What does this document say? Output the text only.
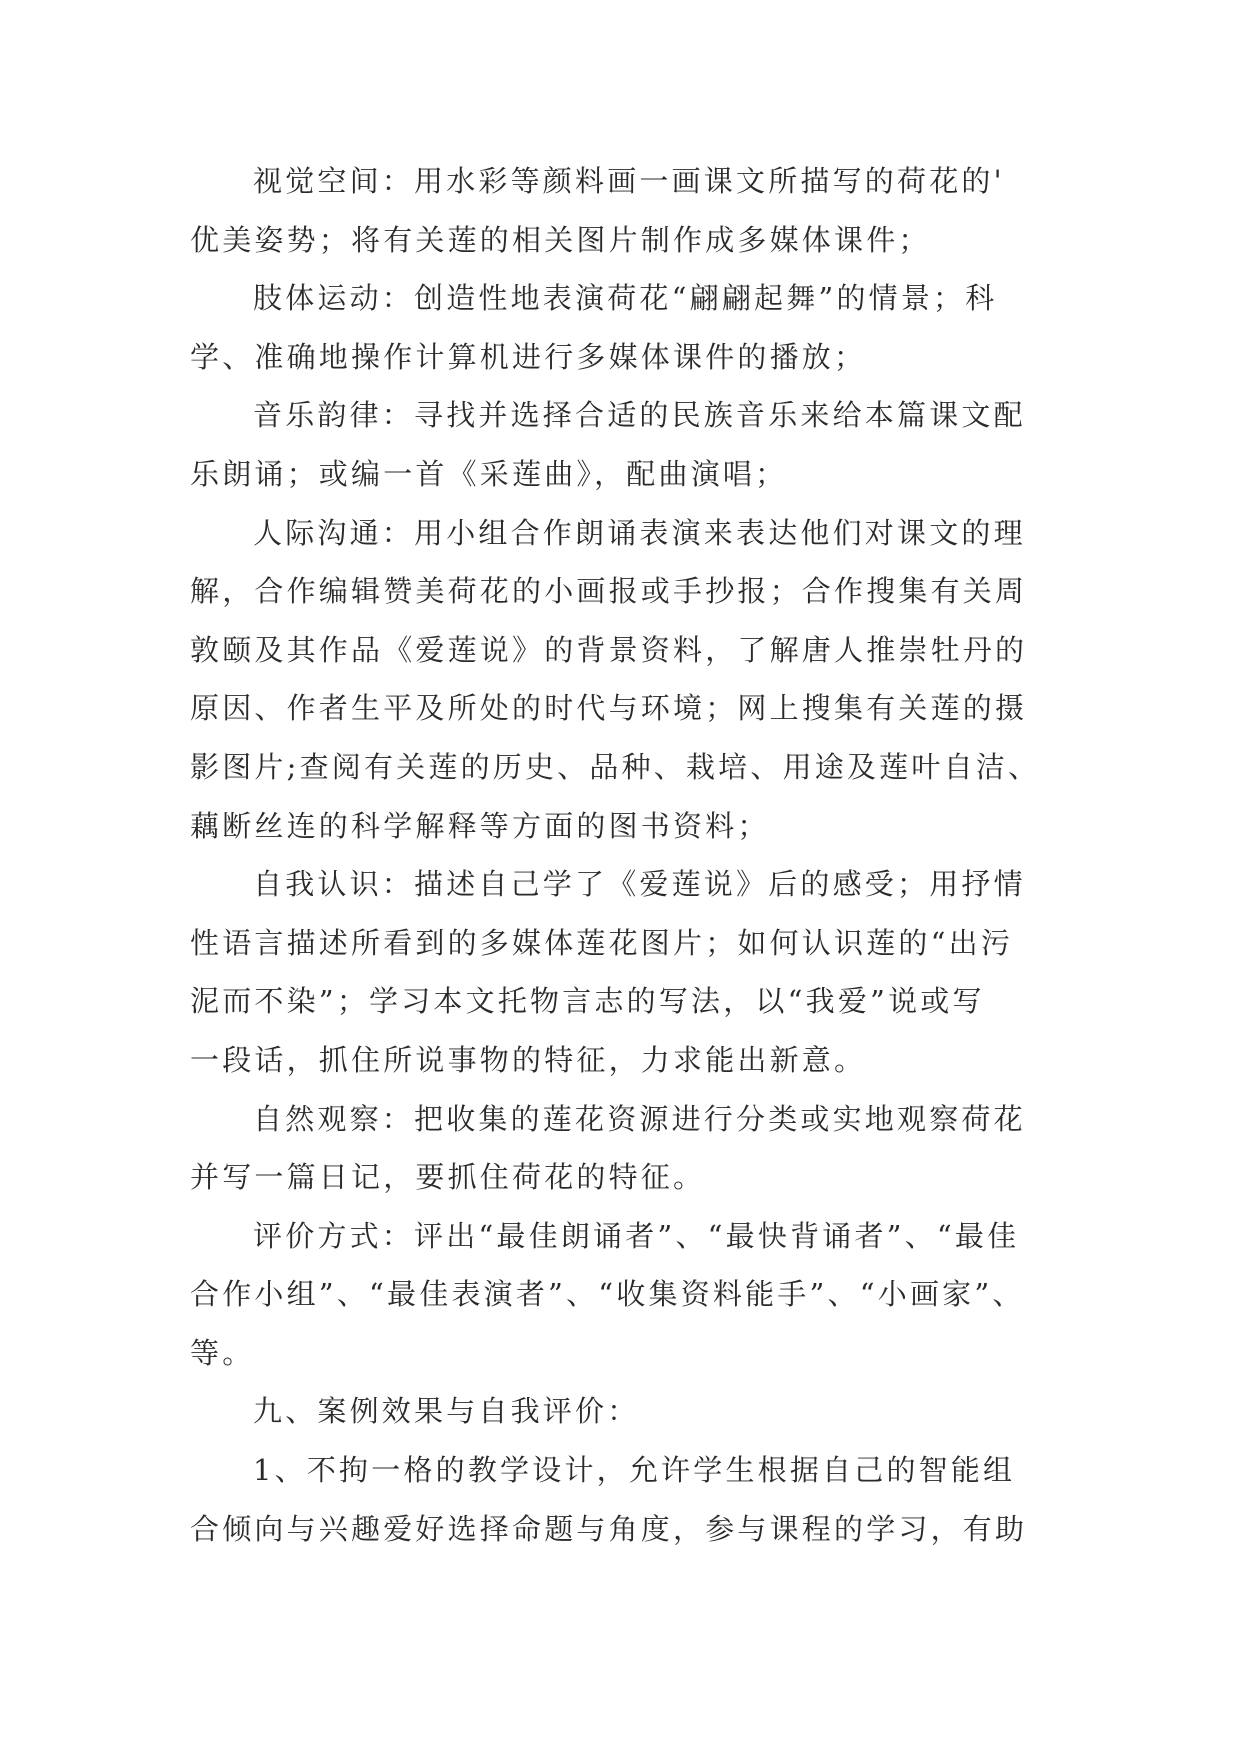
视觉空间：用水彩等颜料画一画课文所描写的荷花的'
优美姿势；将有关莲的相关图片制作成多媒体课件；
肢体运动：创造性地表演荷花“翩翩起舞”的情景；科
学、准确地操作计算机进行多媒体课件的播放；
音乐韵律：寻找并选择合适的民族音乐来给本篇课文配
乐朗诵；或编一首《采莲曲》，配曲演唱；
人际沟通：用小组合作朗诵表演来表达他们对课文的理
解，合作编辑赞美荷花的小画报或手抄报；合作搜集有关周
敦颐及其作品《爱莲说》的背景资料，了解唐人推崇牡丹的
原因、作者生平及所处的时代与环境；网上搜集有关莲的摄
影图片;查阅有关莲的历史、品种、栽培、用途及莲叶自洁、
藕断丝连的科学解释等方面的图书资料；
自我认识：描述自己学了《爱莲说》后的感受；用抒情
性语言描述所看到的多媒体莲花图片；如何认识莲的“出污
泥而不染”；学习本文托物言志的写法，以“我爱”说或写
一段话，抓住所说事物的特征，力求能出新意。
自然观察：把收集的莲花资源进行分类或实地观察荷花
并写一篇日记，要抓住荷花的特征。
评价方式：评出“最佳朗诵者”、“最快背诵者”、“最佳
合作小组”、“最佳表演者”、“收集资料能手”、“小画家”、
等。
九、案例效果与自我评价：
1、不拘一格的教学设计，允许学生根据自己的智能组
合倾向与兴趣爱好选择命题与角度，参与课程的学习，有助
